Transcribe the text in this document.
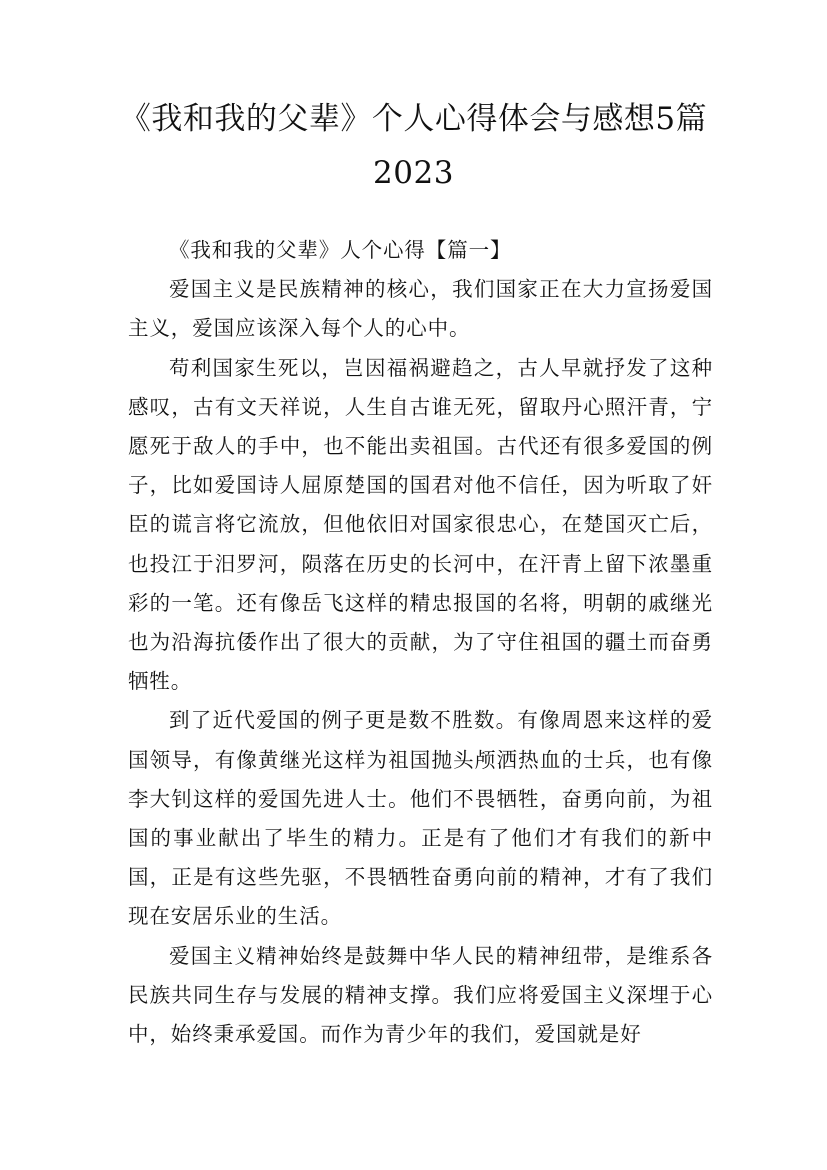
《我和我的父辈》个人心得体会与感想5篇
2023
《我和我的父辈》人个心得【篇一】

爱国主义是民族精神的核心，我们国家正在大力宣扬爱国主义，爱国应该深入每个人的心中。

苟利国家生死以，岂因福祸避趋之，古人早就抒发了这种感叹，古有文天祥说，人生自古谁无死，留取丹心照汗青，宁愿死于敌人的手中，也不能出卖祖国。古代还有很多爱国的例子，比如爱国诗人屈原楚国的国君对他不信任，因为听取了奸臣的谎言将它流放，但他依旧对国家很忠心，在楚国灭亡后，也投江于汨罗河，陨落在历史的长河中，在汗青上留下浓墨重彩的一笔。还有像岳飞这样的精忠报国的名将，明朝的戚继光也为沿海抗倭作出了很大的贡献，为了守住祖国的疆土而奋勇牺牲。

到了近代爱国的例子更是数不胜数。有像周恩来这样的爱国领导，有像黄继光这样为祖国抛头颅洒热血的士兵，也有像李大钊这样的爱国先进人士。他们不畏牺牲，奋勇向前，为祖国的事业献出了毕生的精力。正是有了他们才有我们的新中国，正是有这些先驱，不畏牺牲奋勇向前的精神，才有了我们现在安居乐业的生活。

爱国主义精神始终是鼓舞中华人民的精神纽带，是维系各民族共同生存与发展的精神支撑。我们应将爱国主义深埋于心中，始终秉承爱国。而作为青少年的我们，爱国就是好
